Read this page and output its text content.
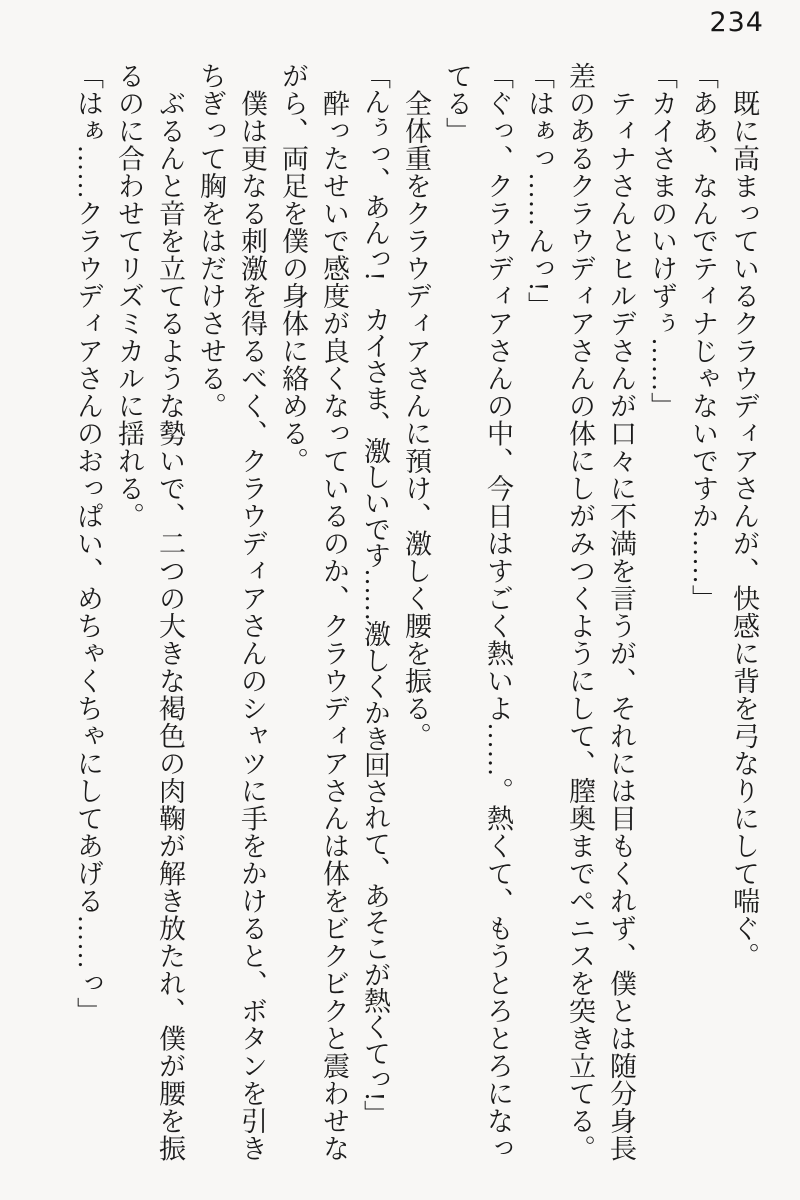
234
　既に高まっているクラウディアさんが、快感に背を弓なりにして喘ぐ。
「ああ、なんでティナじゃないですか……」
「カイさまのいけずぅ……」
　ティナさんとヒルデさんが口々に不満を言うが、それには目もくれず、僕とは随分身長
差のあるクラウディアさんの体にしがみつくようにして、膣奥までペニスを突き立てる。
「はぁっ……んっ!」
「ぐっ、クラウディアさんの中、今日はすごく熱いよ……。熱くて、もうとろとろになっ
てる」
　全体重をクラウディアさんに預け、激しく腰を振る。
「んぅっ、あんっ!　カイさま、激しいです……激しくかき回されて、あそこが熱くてっ!」
　酔ったせいで感度が良くなっているのか、クラウディアさんは体をビクビクと震わせな
がら、両足を僕の身体に絡める。
　僕は更なる刺激を得るべく、クラウディアさんのシャツに手をかけると、ボタンを引き
ちぎって胸をはだけさせる。
　ぶるんと音を立てるような勢いで、二つの大きな褐色の肉鞠が解き放たれ、僕が腰を振
るのに合わせてリズミカルに揺れる。
「はぁ……クラウディアさんのおっぱい、めちゃくちゃにしてあげる……っ」
